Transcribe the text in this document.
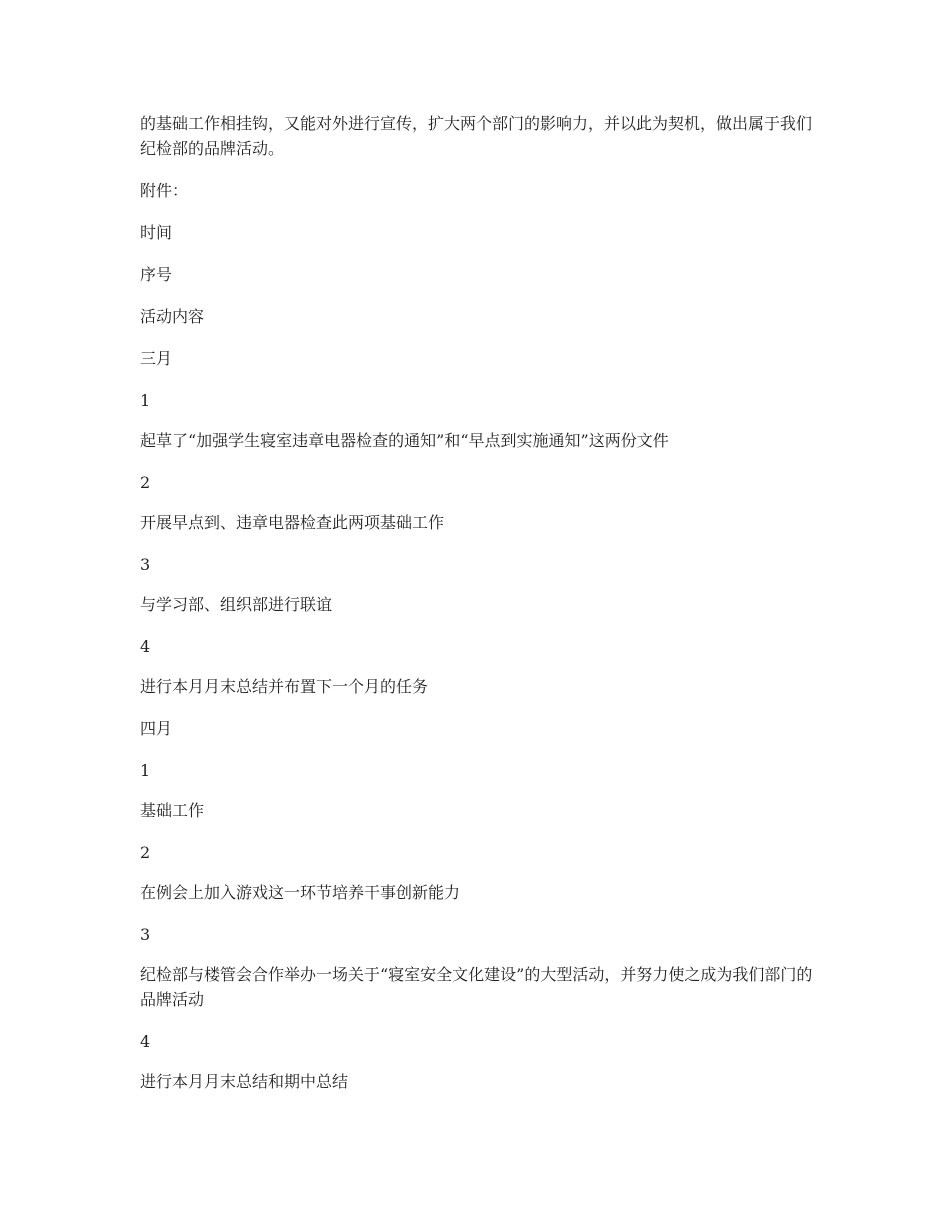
的基础工作相挂钩，又能对外进行宣传，扩大两个部门的影响力，并以此为契机，做出属于我们纪检部的品牌活动。

附件：

时间

序号

活动内容

三月

1

起草了“加强学生寝室违章电器检查的通知”和“早点到实施通知”这两份文件

2

开展早点到、违章电器检查此两项基础工作

3

与学习部、组织部进行联谊

4

进行本月月末总结并布置下一个月的任务

四月

1

基础工作

2

在例会上加入游戏这一环节培养干事创新能力

3

纪检部与楼管会合作举办一场关于“寝室安全文化建设”的大型活动，并努力使之成为我们部门的品牌活动

4

进行本月月末总结和期中总结
